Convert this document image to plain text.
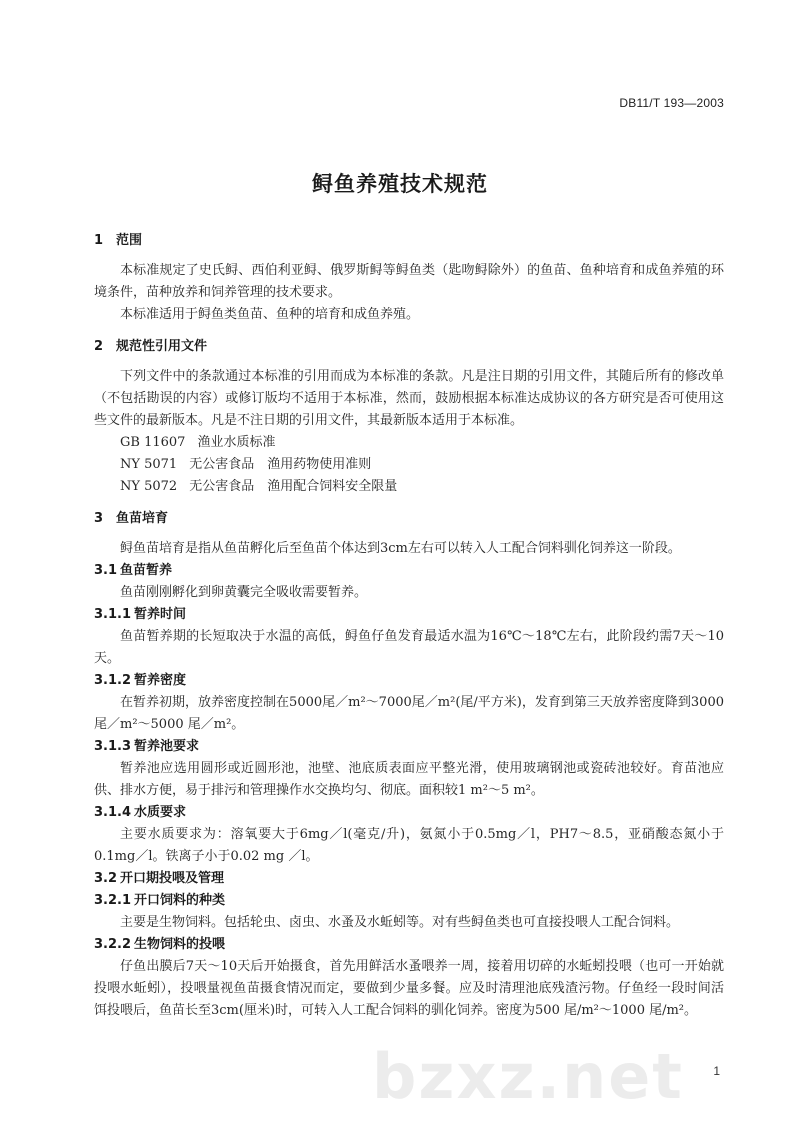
DB11/T 193—2003
鲟鱼养殖技术规范
1 范围
本标准规定了史氏鲟、西伯利亚鲟、俄罗斯鲟等鲟鱼类（匙吻鲟除外）的鱼苗、鱼种培育和成鱼养殖的环境条件，苗种放养和饲养管理的技术要求。
本标准适用于鲟鱼类鱼苗、鱼种的培育和成鱼养殖。
2 规范性引用文件
下列文件中的条款通过本标准的引用而成为本标准的条款。凡是注日期的引用文件，其随后所有的修改单（不包括勘误的内容）或修订版均不适用于本标准，然而，鼓励根据本标准达成协议的各方研究是否可使用这些文件的最新版本。凡是不注日期的引用文件，其最新版本适用于本标准。
GB 11607 渔业水质标准
NY 5071 无公害食品　渔用药物使用准则
NY 5072 无公害食品　渔用配合饲料安全限量
3 鱼苗培育
鲟鱼苗培育是指从鱼苗孵化后至鱼苗个体达到3cm左右可以转入人工配合饲料驯化饲养这一阶段。
3.1 鱼苗暂养
鱼苗刚刚孵化到卵黄囊完全吸收需要暂养。
3.1.1 暂养时间
鱼苗暂养期的长短取决于水温的高低，鲟鱼仔鱼发育最适水温为16℃～18℃左右，此阶段约需7天～10天。
3.1.2 暂养密度
在暂养初期，放养密度控制在5000尾／m²～7000尾／m²(尾/平方米)，发育到第三天放养密度降到3000 尾／m²～5000 尾／m²。
3.1.3 暂养池要求
暂养池应选用圆形或近圆形池，池壁、池底质表面应平整光滑，使用玻璃钢池或瓷砖池较好。育苗池应供、排水方便，易于排污和管理操作水交换均匀、彻底。面积较1 m²～5 m²。
3.1.4 水质要求
主要水质要求为：溶氧要大于6mg／l(毫克/升)，氨氮小于0.5mg／l，PH7～8.5，亚硝酸态氮小于0.1mg／l。铁离子小于0.02 mg ／l。
3.2 开口期投喂及管理
3.2.1 开口饲料的种类
主要是生物饲料。包括轮虫、卤虫、水蚤及水蚯蚓等。对有些鲟鱼类也可直接投喂人工配合饲料。
3.2.2 生物饲料的投喂
仔鱼出膜后7天～10天后开始摄食，首先用鲜活水蚤喂养一周，接着用切碎的水蚯蚓投喂（也可一开始就投喂水蚯蚓），投喂量视鱼苗摄食情况而定，要做到少量多餐。应及时清理池底残渣污物。仔鱼经一段时间活饵投喂后，鱼苗长至3cm(厘米)时，可转入人工配合饲料的驯化饲养。密度为500 尾/m²～1000 尾/m²。
bzxz.net 1
